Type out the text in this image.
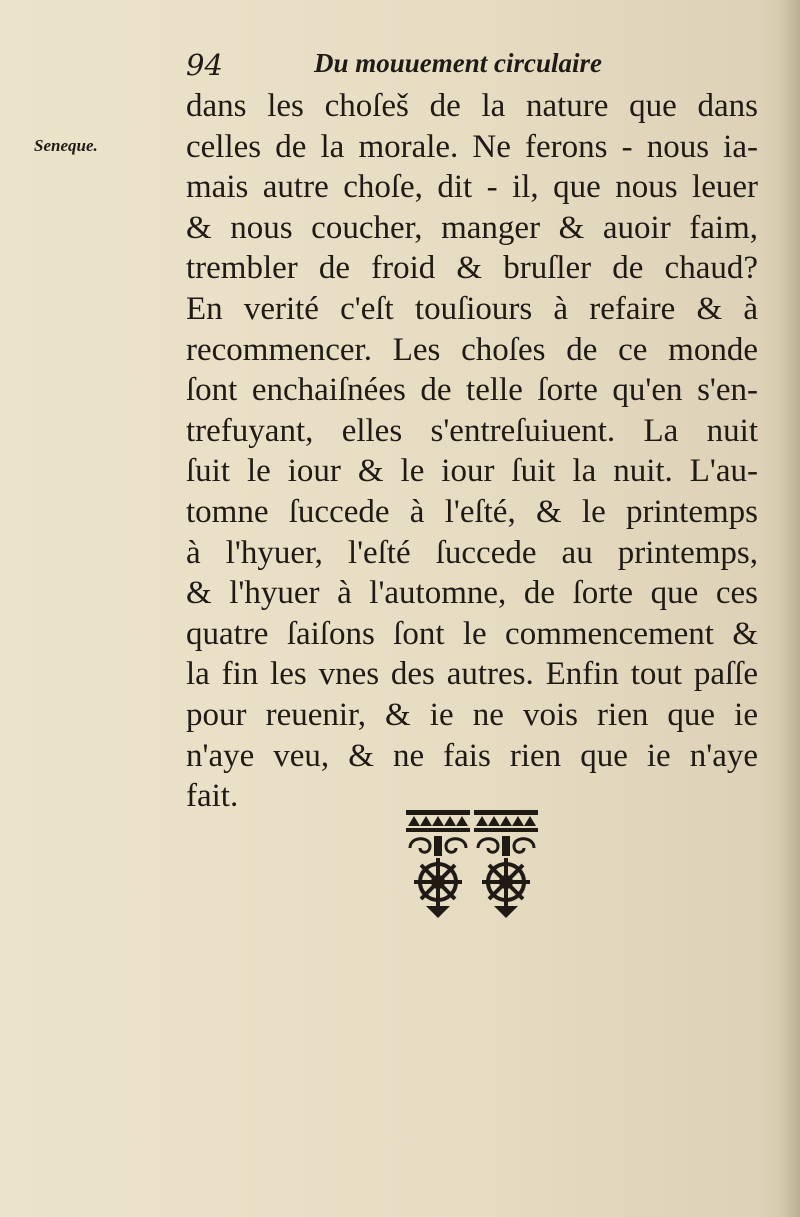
94	Du mouuement circulaire
Seneque.
dans les choſeš de la nature que dans
celles de la morale. Ne ferons - nous ia-
mais autre choſe, dit - il, que nous leuer
& nous coucher, manger & auoir faim,
trembler de froid & bruſler de chaud?
En verité c'eſt touſiours à refaire & à
recommencer. Les choſes de ce monde
ſont enchaiſnées de telle ſorte qu'en s'en-
trefuyant, elles s'entreſuiuent. La nuit
ſuit le iour & le iour ſuit la nuit. L'au-
tomne ſuccede à l'eſté, & le printemps
à l'hyuer, l'eſté ſuccede au printemps,
& l'hyuer à l'automne, de ſorte que ces
quatre ſaiſons ſont le commencement &
la fin les vnes des autres. Enfin tout paſſe
pour reuenir, & ie ne vois rien que ie
n'aye veu, & ne fais rien que ie n'aye
fait.
